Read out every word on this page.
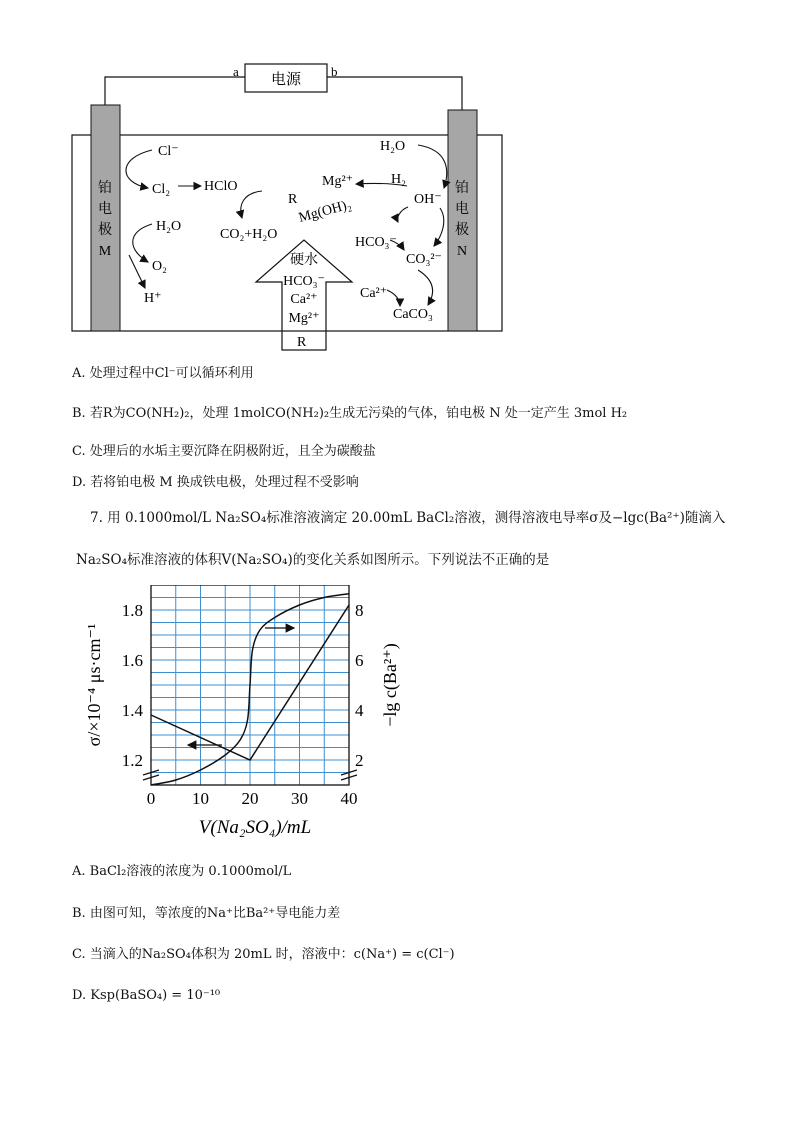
电源
a	b
铂
电
极
M
铂
电
极
N
Cl⁻
Cl₂ HClO
R
CO₂+H₂O
H₂O
O₂
H⁺
Mg²⁺
Mg(OH)₂
H₂O
H₂
OH⁻
HCO₃⁻
CO₃²⁻
Ca²⁺
CaCO₃
硬水
HCO₃⁻
Ca²⁺
Mg²⁺
R
A. 处理过程中Cl⁻可以循环利用
B. 若R为CO(NH₂)₂，处理 1molCO(NH₂)₂生成无污染的气体，铂电极 N 处一定产生 3mol H₂
C. 处理后的水垢主要沉降在阴极附近，且全为碳酸盐
D. 若将铂电极 M 换成铁电极，处理过程不受影响
7. 用 0.1000mol/L Na₂SO₄标准溶液滴定 20.00mL BaCl₂溶液，测得溶液电导率σ及−lgc(Ba²⁺)随滴入
Na₂SO₄标准溶液的体积V(Na₂SO₄)的变化关系如图所示。下列说法不正确的是
0 10 20 30 40
1.2
1.4
1.6
1.8
2
4
6
8
V(Na₂SO₄)/mL
σ/×10⁻⁴ μs·cm⁻¹	−lg c(Ba²⁺)
A. BaCl₂溶液的浓度为 0.1000mol/L
B. 由图可知，等浓度的Na⁺比Ba²⁺导电能力差
C. 当滴入的Na₂SO₄体积为 20mL 时，溶液中：c(Na⁺) = c(Cl⁻)
D. Ksp(BaSO₄) = 10⁻¹⁰
